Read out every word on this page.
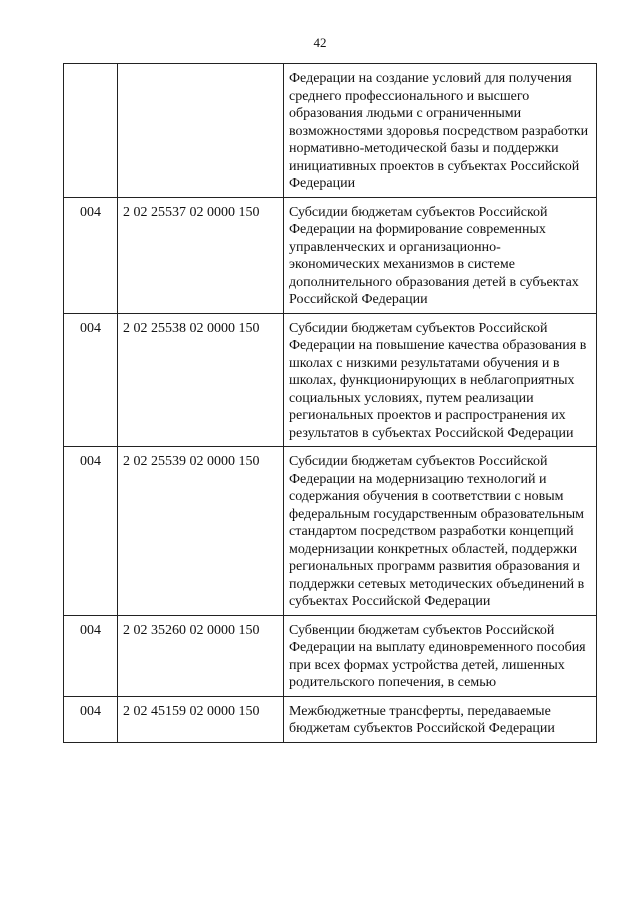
42
		Федерации на создание условий для получения среднего профессионального и высшего образования людьми с ограниченными возможностями здоровья посредством разработки нормативно-методической базы и поддержки инициативных проектов в субъектах Российской Федерации
004	2 02 25537 02 0000 150	Субсидии бюджетам субъектов Российской Федерации на формирование современных управленческих и организационно-экономических механизмов в системе дополнительного образования детей в субъектах Российской Федерации
004	2 02 25538 02 0000 150	Субсидии бюджетам субъектов Российской Федерации на повышение качества образования в школах с низкими результатами обучения и в школах, функционирующих в неблагоприятных социальных условиях, путем реализации региональных проектов и распространения их результатов в субъектах Российской Федерации
004	2 02 25539 02 0000 150	Субсидии бюджетам субъектов Российской Федерации на модернизацию технологий и содержания обучения в соответствии с новым федеральным государственным образовательным стандартом посредством разработки концепций модернизации конкретных областей, поддержки региональных программ развития образования и поддержки сетевых методических объединений в субъектах Российской Федерации
004	2 02 35260 02 0000 150	Субвенции бюджетам субъектов Российской Федерации на выплату единовременного пособия при всех формах устройства детей, лишенных родительского попечения, в семью
004	2 02 45159 02 0000 150	Межбюджетные трансферты, передаваемые бюджетам субъектов Российской Федерации
